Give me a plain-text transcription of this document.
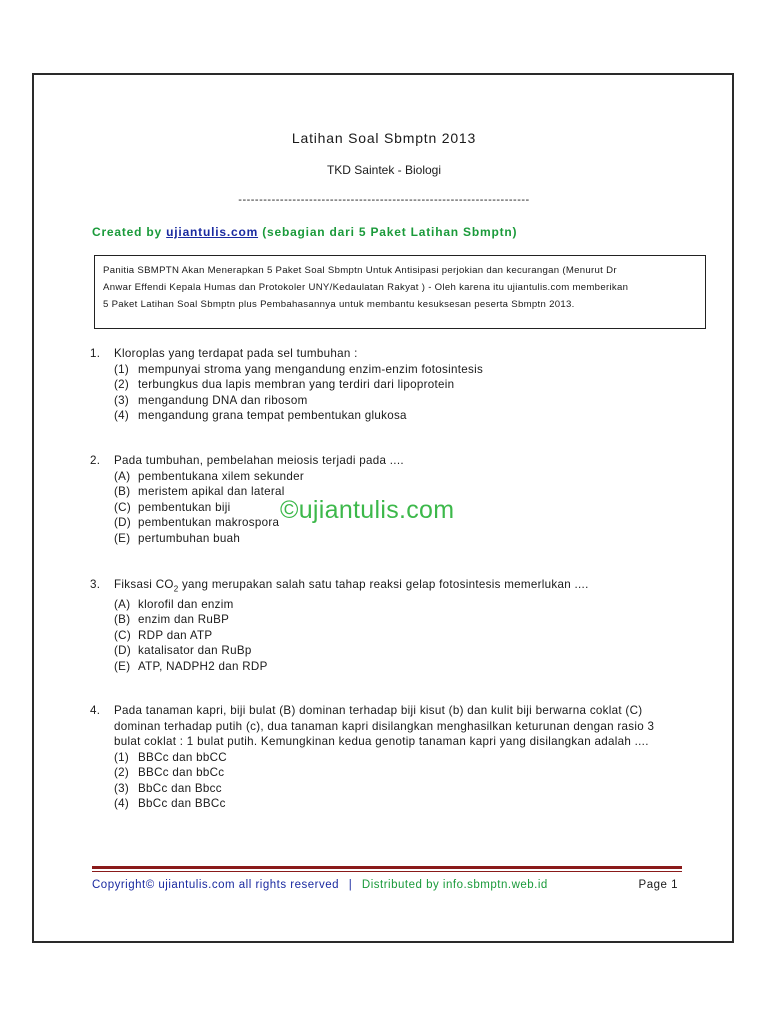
Latihan Soal Sbmptn 2013
TKD Saintek - Biologi
----------------------------------------------------------------------
Created by ujiantulis.com (sebagian dari 5 Paket Latihan Sbmptn)

Panitia SBMPTN Akan Menerapkan 5 Paket Soal Sbmptn Untuk Antisipasi perjokian dan kecurangan (Menurut Dr

Anwar Effendi Kepala Humas dan Protokoler UNY/Kedaulatan Rakyat ) - Oleh karena itu ujiantulis.com memberikan

5 Paket Latihan Soal Sbmptn plus Pembahasannya untuk membantu kesuksesan peserta Sbmptn 2013.

1.	Kloroplas yang terdapat pada sel tumbuhan :
(1) mempunyai stroma yang mengandung enzim-enzim fotosintesis
(2) terbungkus dua lapis membran yang terdiri dari lipoprotein
(3) mengandung DNA dan ribosom
(4) mengandung grana tempat pembentukan glukosa
2.	Pada tumbuhan, pembelahan meiosis terjadi pada ....
(A) pembentukana xilem sekunder
(B) meristem apikal dan lateral
(C) pembentukan biji
(D) pembentukan makrospora
(E) pertumbuhan buah
©ujiantulis.com
3.	Fiksasi $CO_2$ yang merupakan salah satu tahap reaksi gelap fotosintesis memerlukan ....
(A) klorofil dan enzim
(B) enzim dan RuBP
(C) RDP dan ATP
(D) katalisator dan RuBp
(E) ATP, NADPH2 dan RDP
4.	Pada tanaman kapri, biji bulat (B) dominan terhadap biji kisut (b) dan kulit biji berwarna coklat (C)
dominan terhadap putih (c), dua tanaman kapri disilangkan menghasilkan keturunan dengan rasio 3
bulat coklat : 1 bulat putih. Kemungkinan kedua genotip tanaman kapri yang disilangkan adalah ....
(1) BBCc dan bbCC
(2) BBCc dan bbCc
(3) BbCc dan Bbcc
(4) BbCc dan BBCc
Copyright© ujiantulis.com all rights reserved | Distributed by info.sbmptn.web.id	Page 1
